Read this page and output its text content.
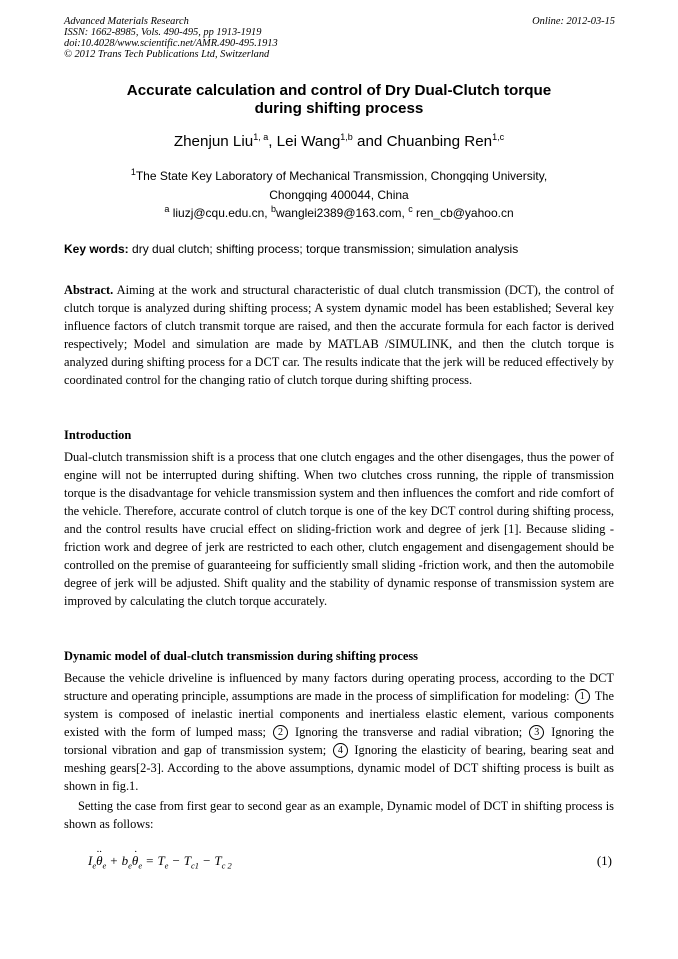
Advanced Materials Research
ISSN: 1662-8985, Vols. 490-495, pp 1913-1919
doi:10.4028/www.scientific.net/AMR.490-495.1913
© 2012 Trans Tech Publications Ltd, Switzerland
Online: 2012-03-15
Accurate calculation and control of Dry Dual-Clutch torque
during shifting process
Zhenjun Liu$^{1, a}$, Lei Wang$^{1,b}$ and Chuanbing Ren$^{1,c}$
$^1$The State Key Laboratory of Mechanical Transmission, Chongqing University,
Chongqing 400044, China
$^a$ liuzj@cqu.edu.cn, $^b$wanglei2389@163.com, $^c$ ren_cb@yahoo.cn
Key words: dry dual clutch; shifting process; torque transmission; simulation analysis
Abstract. Aiming at the work and structural characteristic of dual clutch transmission (DCT), the control of clutch torque is analyzed during shifting process; A system dynamic model has been established; Several key influence factors of clutch transmit torque are raised, and then the accurate formula for each factor is derived respectively; Model and simulation are made by MATLAB /SIMULINK, and then the clutch torque is analyzed during shifting process for a DCT car. The results indicate that the jerk will be reduced effectively by coordinated control for the changing ratio of clutch torque during shifting process.
Introduction
Dual-clutch transmission shift is a process that one clutch engages and the other disengages, thus the power of engine will not be interrupted during shifting. When two clutches cross running, the ripple of transmission torque is the disadvantage for vehicle transmission system and then influences the comfort and ride comfort of the vehicle. Therefore, accurate control of clutch torque is one of the key DCT control during shifting process, and the control results have crucial effect on sliding-friction work and degree of jerk [1]. Because sliding -friction work and degree of jerk are restricted to each other, clutch engagement and disengagement should be controlled on the premise of guaranteeing for sufficiently small sliding -friction work, and then the automobile degree of jerk will be adjusted. Shift quality and the stability of dynamic response of transmission system are improved by calculating the clutch torque accurately.
Dynamic model of dual-clutch transmission during shifting process
Because the vehicle driveline is influenced by many factors during operating process, according to the DCT structure and operating principle, assumptions are made in the process of simplification for modeling: 1 The system is composed of inelastic inertial components and inertialess elastic element, various components existed with the form of lumped mass; 2 Ignoring the transverse and radial vibration; 3 Ignoring the torsional vibration and gap of transmission system; 4 Ignoring the elasticity of bearing, bearing seat and meshing gears[2-3]. According to the above assumptions, dynamic model of DCT shifting process is built as shown in fig.1.
Setting the case from first gear to second gear as an example, Dynamic model of DCT in shifting process is shown as follows:
$I_e\cdot\cdot \theta_e + b_e\cdot \theta_e = T_e - T_{c1} - T_{c 2}$	(1)
